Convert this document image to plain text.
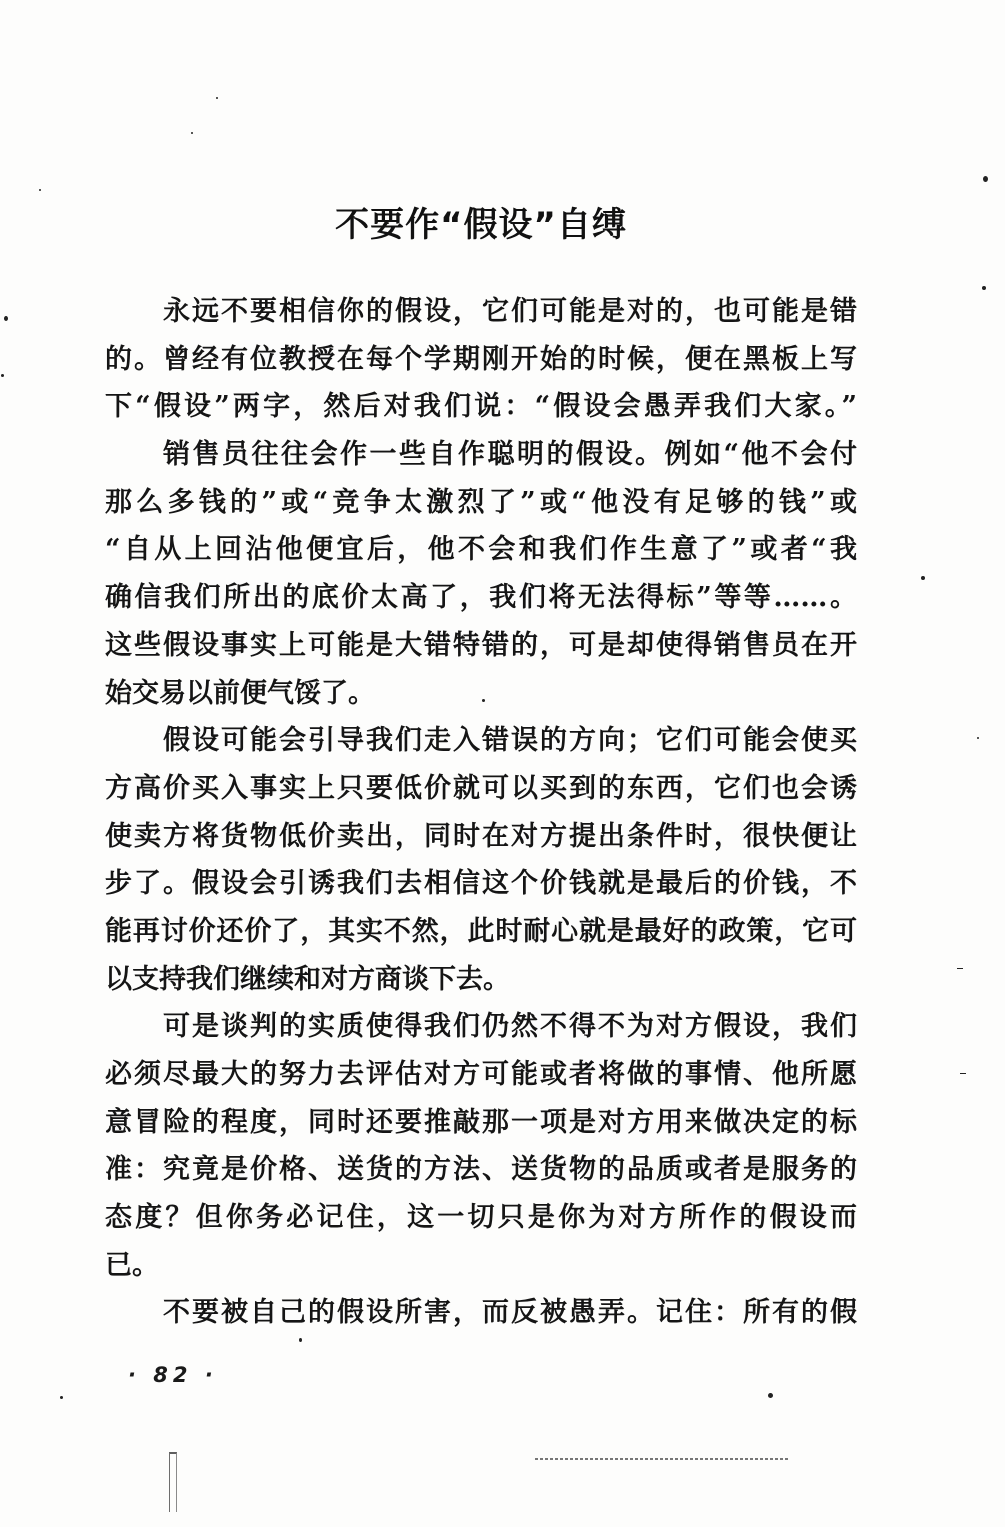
不要作“假设”自缚
永远不要相信你的假设，它们可能是对的，也可能是错
的。曾经有位教授在每个学期刚开始的时候，便在黑板上写
下“假设”两字，然后对我们说：“假设会愚弄我们大家。”
销售员往往会作一些自作聪明的假设。例如“他不会付
那么多钱的”或“竞争太激烈了”或“他没有足够的钱”或
“自从上回沾他便宜后，他不会和我们作生意了”或者“我
确信我们所出的底价太高了，我们将无法得标”等等……。
这些假设事实上可能是大错特错的，可是却使得销售员在开
始交易以前便气馁了。
假设可能会引导我们走入错误的方向；它们可能会使买
方高价买入事实上只要低价就可以买到的东西，它们也会诱
使卖方将货物低价卖出，同时在对方提出条件时，很快便让
步了。假设会引诱我们去相信这个价钱就是最后的价钱，不
能再讨价还价了，其实不然，此时耐心就是最好的政策，它可
以支持我们继续和对方商谈下去。
可是谈判的实质使得我们仍然不得不为对方假设，我们
必须尽最大的努力去评估对方可能或者将做的事情、他所愿
意冒险的程度，同时还要推敲那一项是对方用来做决定的标
准：究竟是价格、送货的方法、送货物的品质或者是服务的
态度？但你务必记住，这一切只是你为对方所作的假设而
已。
不要被自己的假设所害，而反被愚弄。记住：所有的假
· 82 ·
